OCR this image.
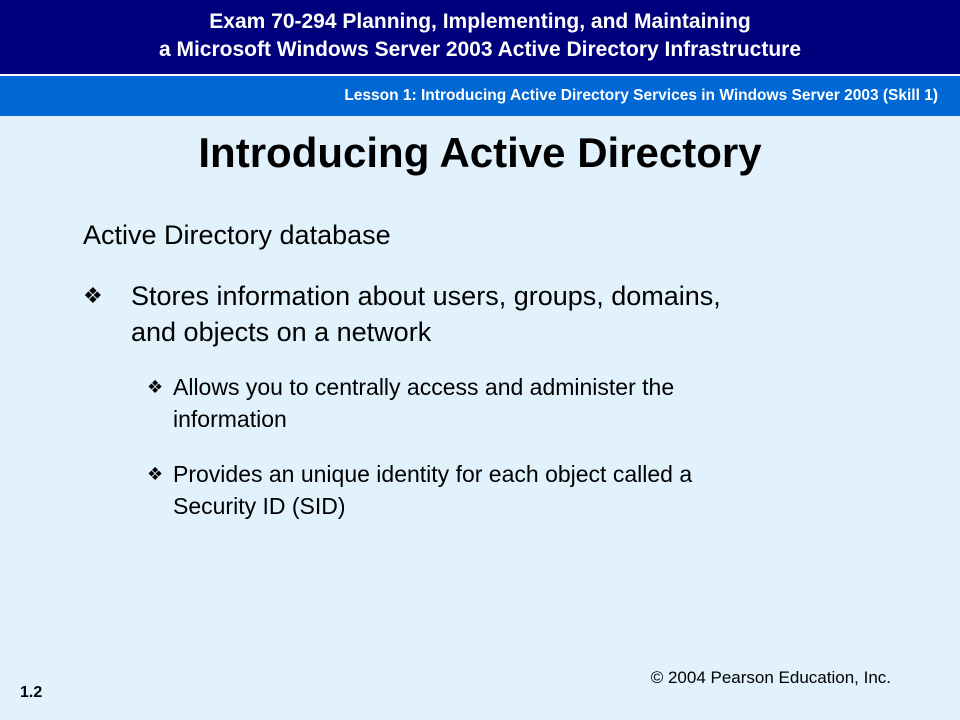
Exam 70-294 Planning, Implementing, and Maintaining
a Microsoft Windows Server 2003 Active Directory Infrastructure
Lesson 1: Introducing Active Directory Services in Windows Server 2003 (Skill 1)
Introducing Active Directory
Active Directory database
❖	Stores information about users, groups, domains,
and objects on a network
❖ Allows you to centrally access and administer the
information
❖ Provides an unique identity for each object called a
Security ID (SID)
1.2
© 2004 Pearson Education, Inc.
